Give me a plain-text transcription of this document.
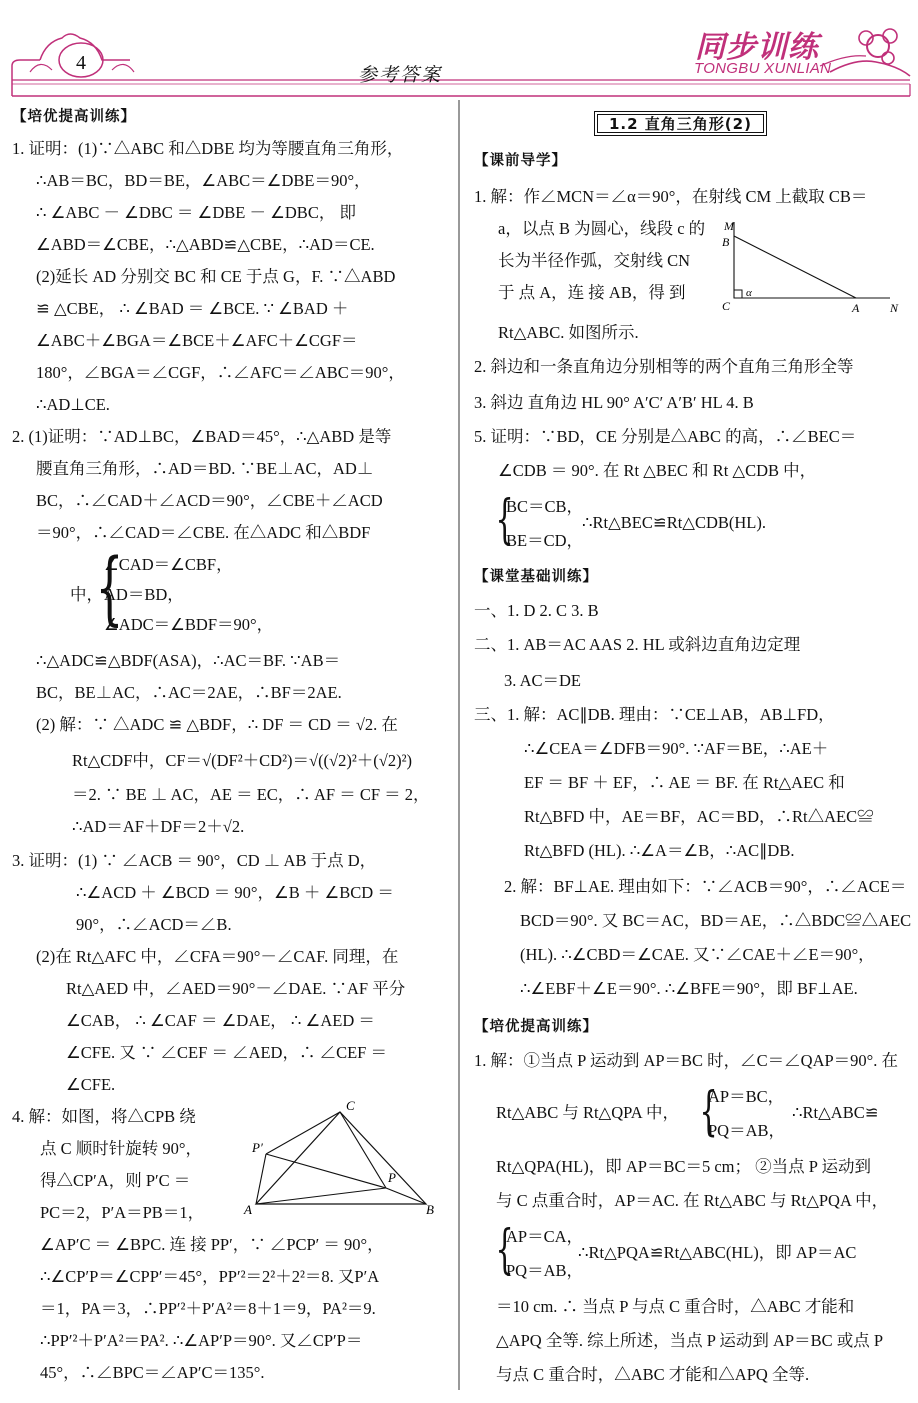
4
参考答案
同步训练
TONGBU XUNLIAN
【培优提高训练】
1. 证明：(1)∵△ABC 和△DBE 均为等腰直角三角形，
∴AB＝BC，BD＝BE，∠ABC＝∠DBE＝90°，
∴ ∠ABC － ∠DBC ＝ ∠DBE － ∠DBC， 即
∠ABD＝∠CBE，∴△ABD≌△CBE，∴AD＝CE.
(2)延长 AD 分别交 BC 和 CE 于点 G，F. ∵△ABD
≌ △CBE， ∴ ∠BAD ＝ ∠BCE. ∵ ∠BAD ＋
∠ABC＋∠BGA＝∠BCE＋∠AFC＋∠CGF＝
180°，∠BGA＝∠CGF，∴∠AFC＝∠ABC＝90°，
∴AD⊥CE.
2. (1)证明：∵AD⊥BC，∠BAD＝45°，∴△ABD 是等
腰直角三角形，∴AD＝BD. ∵BE⊥AC，AD⊥
BC，∴∠CAD＋∠ACD＝90°，∠CBE＋∠ACD
＝90°，∴∠CAD＝∠CBE. 在△ADC 和△BDF
{
∠CAD＝∠CBF，
中， AD＝BD，
∠ADC＝∠BDF＝90°，
∴△ADC≌△BDF(ASA)，∴AC＝BF. ∵AB＝
BC，BE⊥AC，∴AC＝2AE，∴BF＝2AE.
(2) 解：∵ △ADC ≌ △BDF，∴ DF ＝ CD ＝ √2. 在
Rt△CDF中，CF＝√(DF²＋CD²)＝√((√2)²＋(√2)²)
＝2. ∵ BE ⊥ AC，AE ＝ EC，∴ AF ＝ CF ＝ 2，
∴AD＝AF＋DF＝2＋√2.
3. 证明：(1) ∵ ∠ACB ＝ 90°，CD ⊥ AB 于点 D，
∴∠ACD ＋ ∠BCD ＝ 90°，∠B ＋ ∠BCD ＝
90°，∴∠ACD＝∠B.
(2)在 Rt△AFC 中，∠CFA＝90°－∠CAF. 同理，在
Rt△AED 中，∠AED＝90°－∠DAE. ∵AF 平分
∠CAB， ∴ ∠CAF ＝ ∠DAE， ∴ ∠AED ＝
∠CFE. 又 ∵ ∠CEF ＝ ∠AED，∴ ∠CEF ＝
∠CFE.
4. 解：如图，将△CPB 绕
点 C 顺时针旋转 90°，
得△CP′A，则 P′C ＝
PC＝2，P′A＝PB＝1，
∠AP′C ＝ ∠BPC. 连 接 PP′，∵ ∠PCP′ ＝ 90°，
∴∠CP′P＝∠CPP′＝45°，PP′²＝2²＋2²＝8. 又P′A
＝1，PA＝3，∴PP′²＋P′A²＝8＋1＝9，PA²＝9.
∴PP′²＋P′A²＝PA². ∴∠AP′P＝90°. 又∠CP′P＝
45°，∴∠BPC＝∠AP′C＝135°.
C
P′
P
A	B
1.2 直角三角形(2)
【课前导学】
1. 解：作∠MCN＝∠α＝90°，在射线 CM 上截取 CB＝
a，以点 B 为圆心，线段 c 的
长为半径作弧，交射线 CN
于 点 A，连 接 AB，得 到
Rt△ABC. 如图所示.
M
B
C
α
A	N
2. 斜边和一条直角边分别相等的两个直角三角形全等
3. 斜边 直角边 HL 90° A′C′ A′B′ HL 4. B
5. 证明：∵BD，CE 分别是△ABC 的高，∴∠BEC＝
∠CDB ＝ 90°. 在 Rt △BEC 和 Rt △CDB 中，
{
BC＝CB，
∴Rt△BEC≌Rt△CDB(HL).
BE＝CD，
【课堂基础训练】
一、1. D 2. C 3. B
二、1. AB＝AC AAS 2. HL 或斜边直角边定理
3. AC＝DE
三、1. 解：AC∥DB. 理由：∵CE⊥AB，AB⊥FD，
∴∠CEA＝∠DFB＝90°. ∵AF＝BE，∴AE＋
EF ＝ BF ＋ EF，∴ AE ＝ BF. 在 Rt△AEC 和
Rt△BFD 中，AE＝BF，AC＝BD，∴Rt△AEC≌
Rt△BFD (HL). ∴∠A＝∠B，∴AC∥DB.
2. 解：BF⊥AE. 理由如下：∵∠ACB＝90°，∴∠ACE＝
BCD＝90°. 又 BC＝AC，BD＝AE，∴△BDC≌△AEC
(HL). ∴∠CBD＝∠CAE. 又∵∠CAE＋∠E＝90°，
∴∠EBF＋∠E＝90°. ∴∠BFE＝90°，即 BF⊥AE.
【培优提高训练】
1. 解：①当点 P 运动到 AP＝BC 时，∠C＝∠QAP＝90°. 在
Rt△ABC 与 Rt△QPA 中， {
AP＝BC，
∴Rt△ABC≌
PQ＝AB，
Rt△QPA(HL)，即 AP＝BC＝5 cm； ②当点 P 运动到
与 C 点重合时，AP＝AC. 在 Rt△ABC 与 Rt△PQA 中，
{
AP＝CA，
∴Rt△PQA≌Rt△ABC(HL)，即 AP＝AC
PQ＝AB，
＝10 cm. ∴ 当点 P 与点 C 重合时，△ABC 才能和
△APQ 全等. 综上所述，当点 P 运动到 AP＝BC 或点 P
与点 C 重合时，△ABC 才能和△APQ 全等.
